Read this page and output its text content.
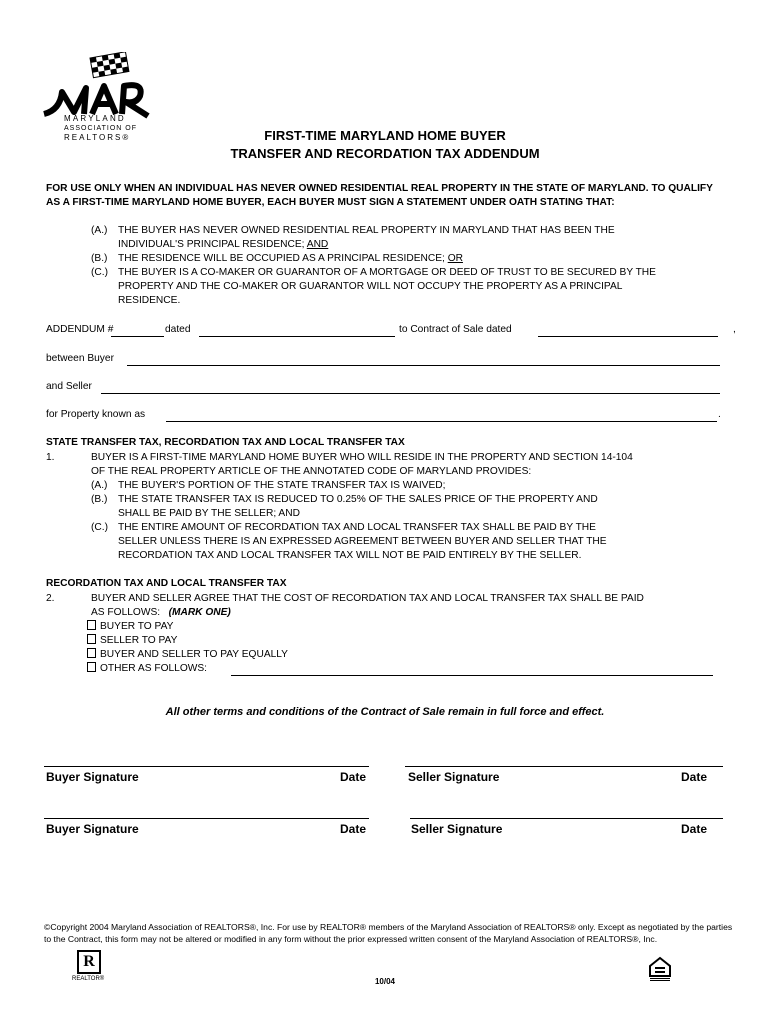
MARYLAND
ASSOCIATION OF
REALTORS®	FIRST-TIME MARYLAND HOME BUYER
TRANSFER AND RECORDATION TAX ADDENDUM
FOR USE ONLY WHEN AN INDIVIDUAL HAS NEVER OWNED RESIDENTIAL REAL PROPERTY IN THE STATE OF MARYLAND. TO QUALIFY AS A FIRST-TIME MARYLAND HOME BUYER, EACH BUYER MUST SIGN A STATEMENT UNDER OATH STATING THAT:
(A.) THE BUYER HAS NEVER OWNED RESIDENTIAL REAL PROPERTY IN MARYLAND THAT HAS BEEN THE
INDIVIDUAL'S PRINCIPAL RESIDENCE; AND
(B.) THE RESIDENCE WILL BE OCCUPIED AS A PRINCIPAL RESIDENCE; OR
(C.) THE BUYER IS A CO-MAKER OR GUARANTOR OF A MORTGAGE OR DEED OF TRUST TO BE SECURED BY THE
PROPERTY AND THE CO-MAKER OR GUARANTOR WILL NOT OCCUPY THE PROPERTY AS A PRINCIPAL
RESIDENCE.
ADDENDUM #	dated	to Contract of Sale dated	,
between Buyer
and Seller
for Property known as	.
STATE TRANSFER TAX, RECORDATION TAX AND LOCAL TRANSFER TAX
1.	BUYER IS A FIRST-TIME MARYLAND HOME BUYER WHO WILL RESIDE IN THE PROPERTY AND SECTION 14-104
OF THE REAL PROPERTY ARTICLE OF THE ANNOTATED CODE OF MARYLAND PROVIDES:
(A.) THE BUYER'S PORTION OF THE STATE TRANSFER TAX IS WAIVED;
(B.) THE STATE TRANSFER TAX IS REDUCED TO 0.25% OF THE SALES PRICE OF THE PROPERTY AND
SHALL BE PAID BY THE SELLER; AND
(C.) THE ENTIRE AMOUNT OF RECORDATION TAX AND LOCAL TRANSFER TAX SHALL BE PAID BY THE
SELLER UNLESS THERE IS AN EXPRESSED AGREEMENT BETWEEN BUYER AND SELLER THAT THE
RECORDATION TAX AND LOCAL TRANSFER TAX WILL NOT BE PAID ENTIRELY BY THE SELLER.
RECORDATION TAX AND LOCAL TRANSFER TAX
2.	BUYER AND SELLER AGREE THAT THE COST OF RECORDATION TAX AND LOCAL TRANSFER TAX SHALL BE PAID
AS FOLLOWS: (MARK ONE)
BUYER TO PAY
SELLER TO PAY
BUYER AND SELLER TO PAY EQUALLY
OTHER AS FOLLOWS:
All other terms and conditions of the Contract of Sale remain in full force and effect.
Buyer Signature	Date	Seller Signature	Date
Buyer Signature	Date	Seller Signature	Date
©Copyright 2004 Maryland Association of REALTORS®, Inc. For use by REALTOR® members of the Maryland Association of REALTORS® only. Except as negotiated by the parties to the Contract, this form may not be altered or modified in any form without the prior expressed written consent of the Maryland Association of REALTORS®, Inc.
R
REALTOR®	10/04
